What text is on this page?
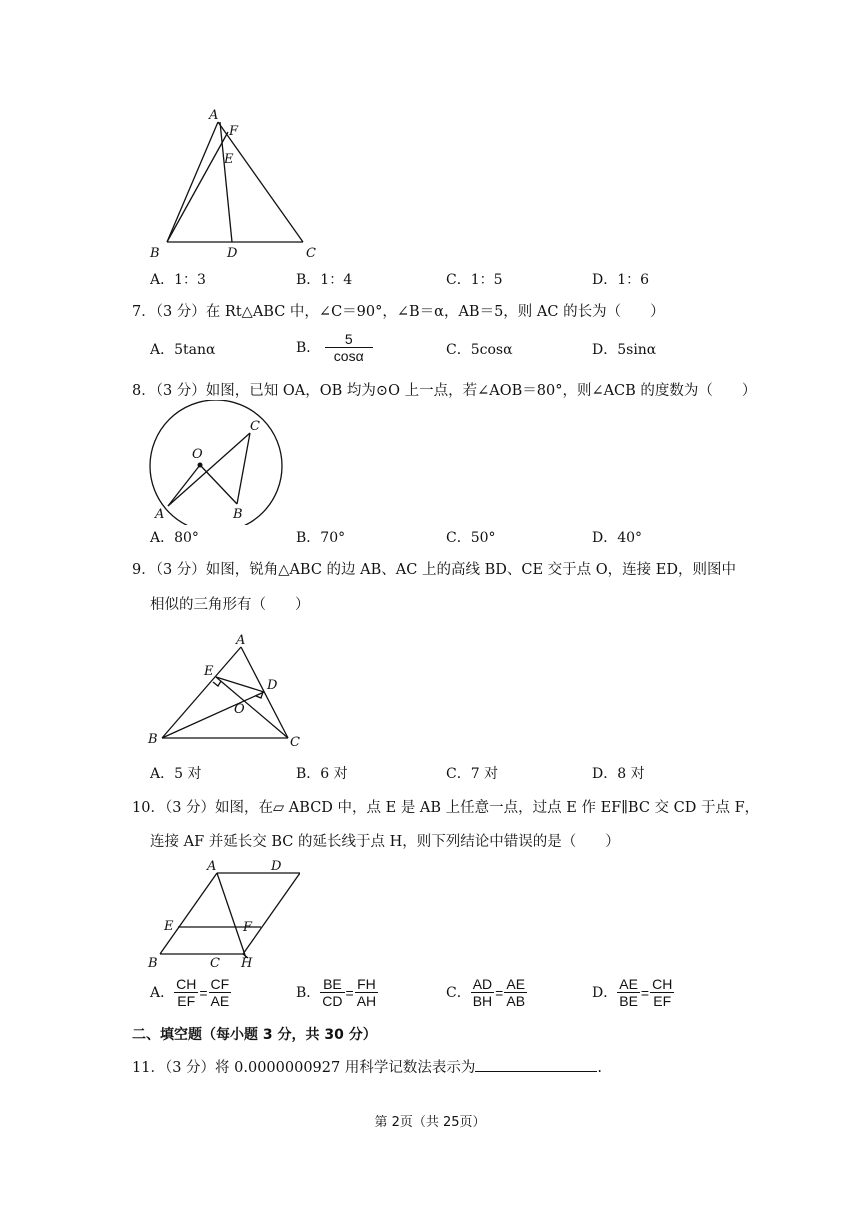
A
F
E
B	D	C
A．1：3	B．1：4	C．1：5	D．1：6
7．（3 分）在 Rt△ABC 中，∠C＝90°，∠B＝α，AB＝5，则 AC 的长为（　　）
A．5tanα	B． $\frac{5}{\cos\alpha}$	C．5cosα	D．5sinα
8．（3 分）如图，已知 OA，OB 均为⊙O 上一点，若∠AOB＝80°，则∠ACB 的度数为（　　）
O
A	B
C
A．80°	B．70°	C．50°	D．40°
9．（3 分）如图，锐角△ABC 的边 AB、AC 上的高线 BD、CE 交于点 O，连接 ED，则图中
相似的三角形有（　　）
A
E
D
O
B	C
A．5 对	B．6 对	C．7 对	D．8 对
10．（3 分）如图，在▱ ABCD 中，点 E 是 AB 上任意一点，过点 E 作 EF∥BC 交 CD 于点 F，
连接 AF 并延长交 BC 的延长线于点 H，则下列结论中错误的是（　　）
A	D
E	F
B	C H
A． $\frac{CH}{EF} = \frac{CF}{AE}$	B． $\frac{BE}{CD} = \frac{FH}{AH}$	C． $\frac{AD}{BH} = \frac{AE}{AB}$	D． $\frac{AE}{BE} = \frac{CH}{EF}$
二、填空题（每小题 3 分，共 30 分）
11．（3 分）将 0.0000000927 用科学记数法表示为	.
第 2页（共 25页）
